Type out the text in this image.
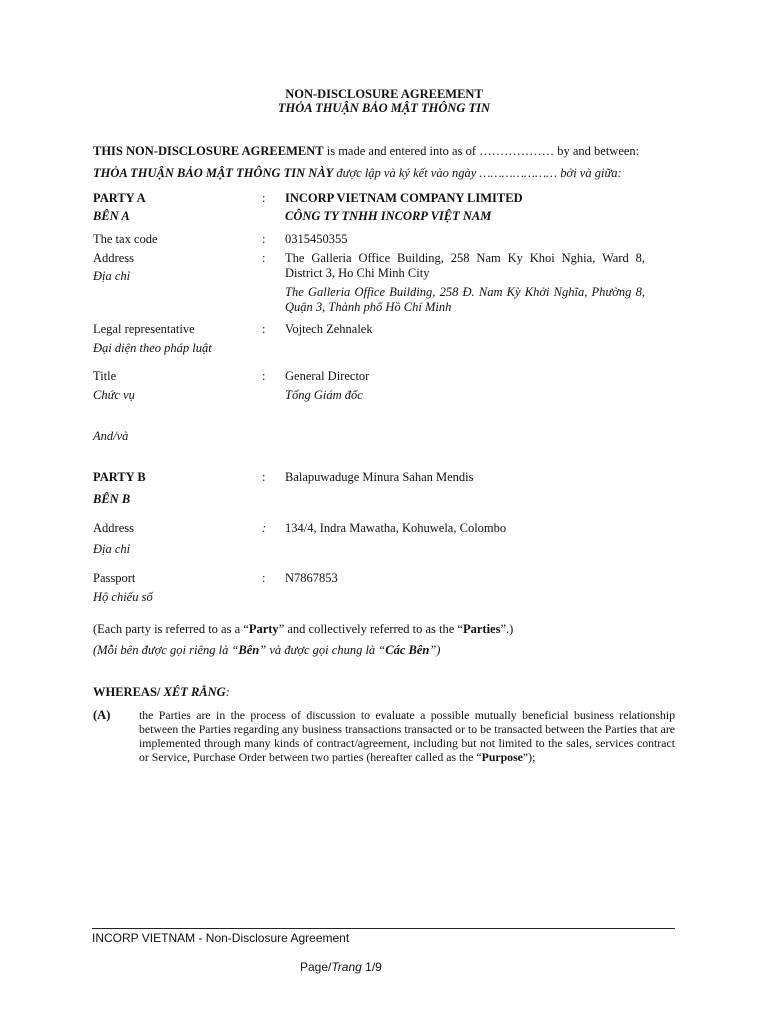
NON-DISCLOSURE AGREEMENT
THỎA THUẬN BẢO MẬT THÔNG TIN
THIS NON-DISCLOSURE AGREEMENT is made and entered into as of ……………… by and between:
THỎA THUẬN BẢO MẬT THÔNG TIN NÀY được lập và ký kết vào ngày ………………… bởi và giữa:
PARTY A	: INCORP VIETNAM COMPANY LIMITED
BÊN A	CÔNG TY TNHH INCORP VIỆT NAM
The tax code	: 0315450355
Address	: The Galleria Office Building, 258 Nam Ky Khoi Nghia, Ward 8, District 3, Ho Chi Minh City
Địa chỉ
The Galleria Office Building, 258 Đ. Nam Kỳ Khởi Nghĩa, Phường 8, Quận 3, Thành phố Hồ Chí Minh
Legal representative	: Vojtech Zehnalek
Đại diện theo pháp luật
Title	: General Director
Chức vụ	Tổng Giám đốc
And/và
PARTY B	: Balapuwaduge Minura Sahan Mendis
BÊN B
Address	: 134/4, Indra Mawatha, Kohuwela, Colombo
Địa chỉ
Passport	: N7867853
Hộ chiếu số
(Each party is referred to as a “Party” and collectively referred to as the “Parties”.)
(Mỗi bên được gọi riêng là “Bên” và được gọi chung là “Các Bên”)
WHEREAS/ XÉT RẰNG:
(A) the Parties are in the process of discussion to evaluate a possible mutually beneficial business relationship between the Parties regarding any business transactions transacted or to be transacted between the Parties that are implemented through many kinds of contract/agreement, including but not limited to the sales, services contract or Service, Purchase Order between two parties (hereafter called as the “Purpose”);
INCORP VIETNAM - Non-Disclosure Agreement
Page/Trang 1/9
